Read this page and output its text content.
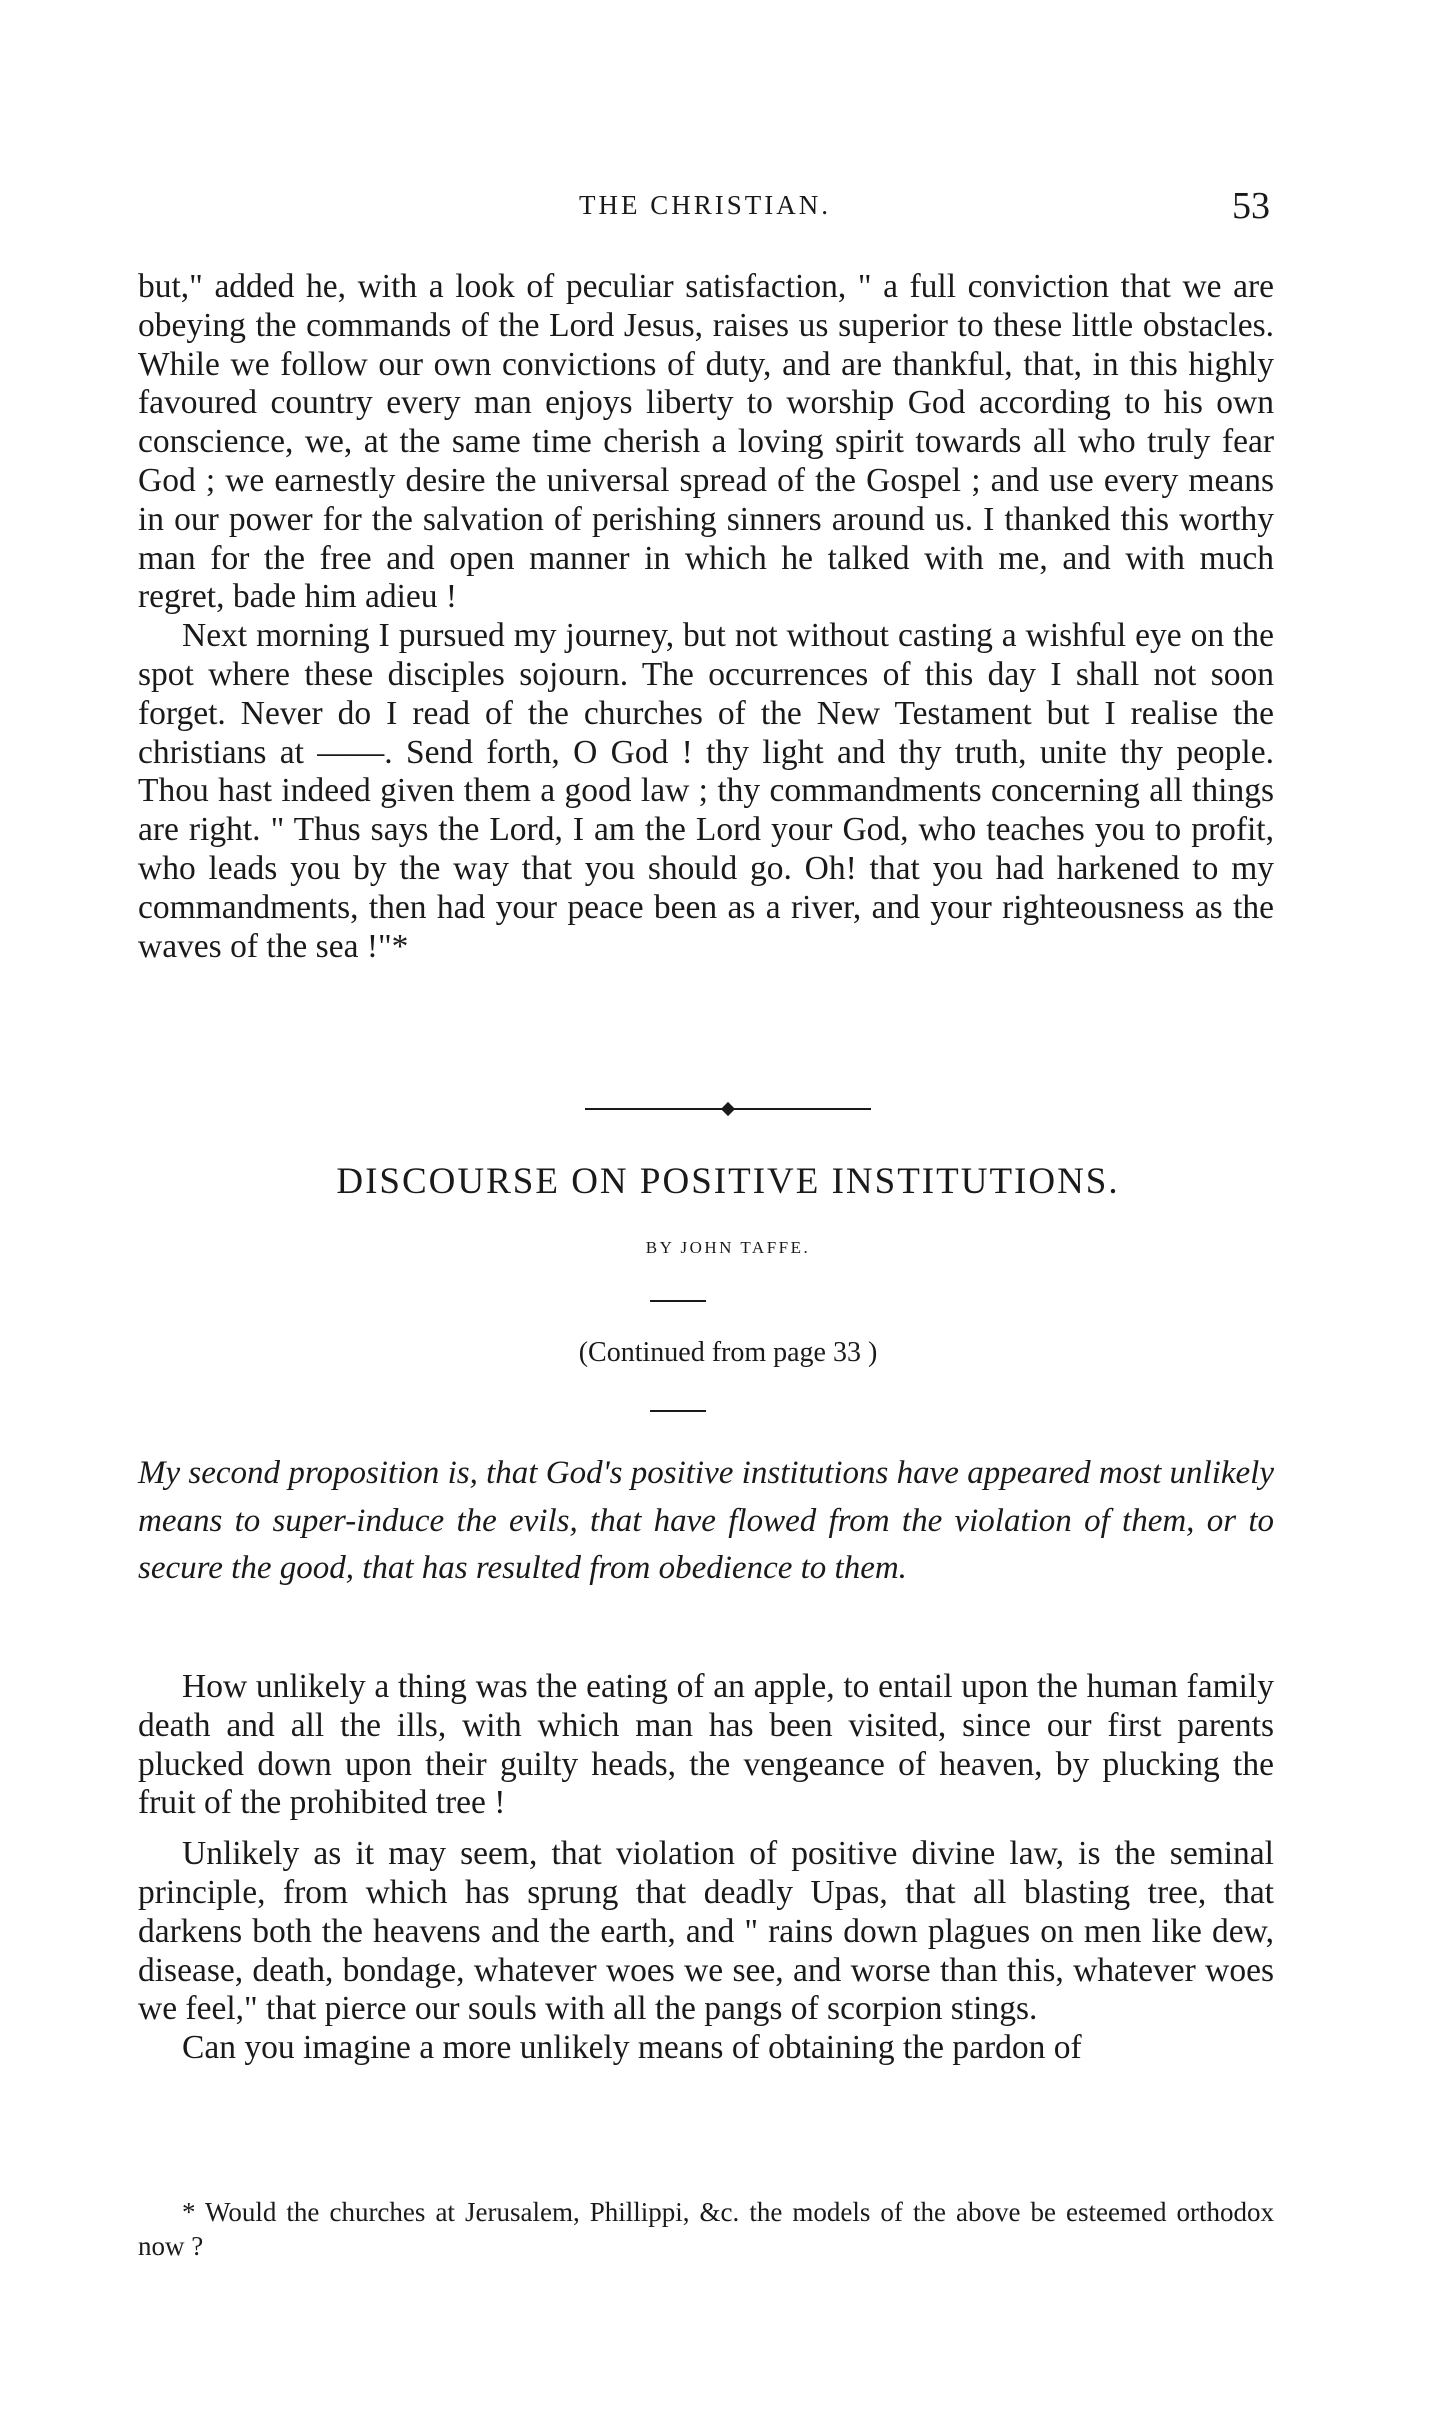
THE CHRISTIAN.	53

but," added he, with a look of peculiar satisfaction, " a full conviction that we are obeying the commands of the Lord Jesus, raises us superior to these little obstacles. While we follow our own convictions of duty, and are thankful, that, in this highly favoured country every man enjoys liberty to worship God according to his own conscience, we, at the same time cherish a loving spirit towards all who truly fear God ; we earnestly desire the universal spread of the Gospel ; and use every means in our power for the salvation of perishing sinners around us. I thanked this worthy man for the free and open manner in which he talked with me, and with much regret, bade him adieu !

Next morning I pursued my journey, but not without casting a wishful eye on the spot where these disciples sojourn. The occurrences of this day I shall not soon forget. Never do I read of the churches of the New Testament but I realise the christians at ——. Send forth, O God ! thy light and thy truth, unite thy people. Thou hast indeed given them a good law ; thy commandments concerning all things are right. " Thus says the Lord, I am the Lord your God, who teaches you to profit, who leads you by the way that you should go. Oh! that you had harkened to my commandments, then had your peace been as a river, and your righteousness as the waves of the sea !"*

DISCOURSE ON POSITIVE INSTITUTIONS.
BY JOHN TAFFE.
(Continued from page 33 )

My second proposition is, that God's positive institutions have appeared most unlikely means to super-induce the evils, that have flowed from the violation of them, or to secure the good, that has resulted from obedience to them.

How unlikely a thing was the eating of an apple, to entail upon the human family death and all the ills, with which man has been visited, since our first parents plucked down upon their guilty heads, the vengeance of heaven, by plucking the fruit of the prohibited tree !

Unlikely as it may seem, that violation of positive divine law, is the seminal principle, from which has sprung that deadly Upas, that all blasting tree, that darkens both the heavens and the earth, and " rains down plagues on men like dew, disease, death, bondage, whatever woes we see, and worse than this, whatever woes we feel," that pierce our souls with all the pangs of scorpion stings.

Can you imagine a more unlikely means of obtaining the pardon of

* Would the churches at Jerusalem, Phillippi, &c. the models of the above be esteemed orthodox now ?
